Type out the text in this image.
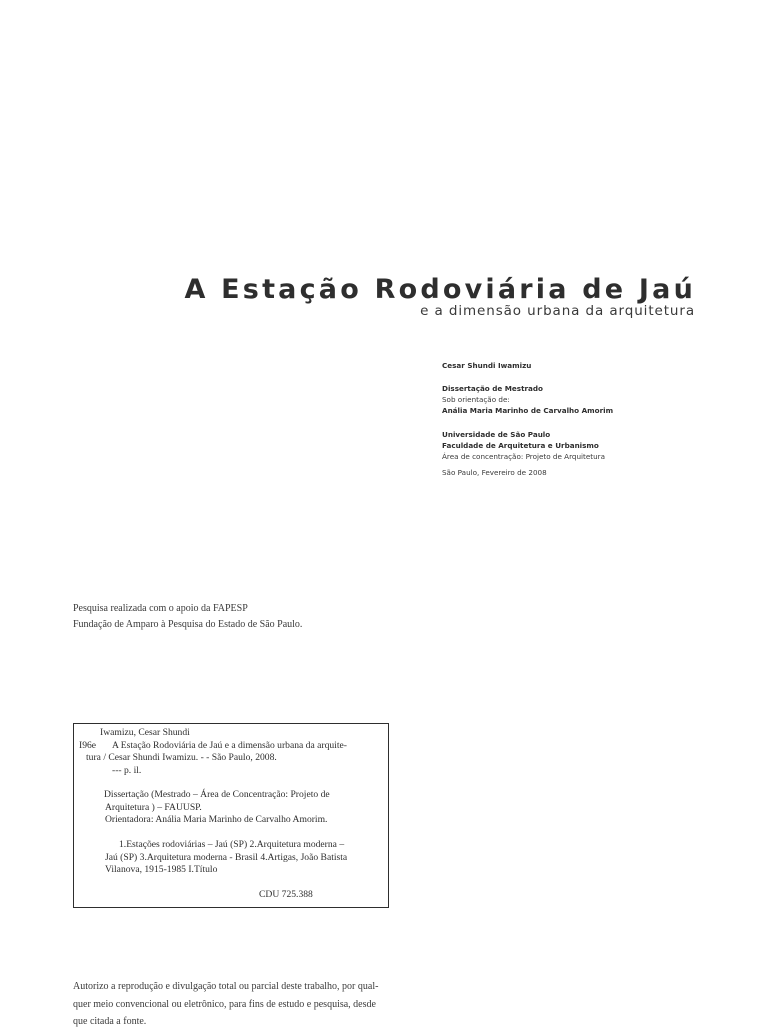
A Estação Rodoviária de Jaú

e a dimensão urbana da arquitetura

Cesar Shundi Iwamizu
Dissertação de Mestrado
Sob orientação de:
Anália Maria Marinho de Carvalho Amorim
Universidade de São Paulo
Faculdade de Arquitetura e Urbanismo
Área de concentração: Projeto de Arquitetura
São Paulo, Fevereiro de 2008
Pesquisa realizada com o apoio da FAPESP
Fundação de Amparo à Pesquisa do Estado de São Paulo.
Iwamizu, Cesar Shundi
I96e A Estação Rodoviária de Jaú e a dimensão urbana da arquite-
tura / Cesar Shundi Iwamizu. - - São Paulo, 2008.
--- p. il.
Dissertação (Mestrado – Área de Concentração: Projeto de
Arquitetura ) – FAUUSP.
Orientadora: Anália Maria Marinho de Carvalho Amorim.
1.Estações rodoviárias – Jaú (SP) 2.Arquitetura moderna –
Jaú (SP) 3.Arquitetura moderna - Brasil 4.Artigas, João Batista
Vilanova, 1915-1985 I.Título
CDU 725.388
Autorizo a reprodução e divulgação total ou parcial deste trabalho, por qual-
quer meio convencional ou eletrônico, para fins de estudo e pesquisa, desde
que citada a fonte.
